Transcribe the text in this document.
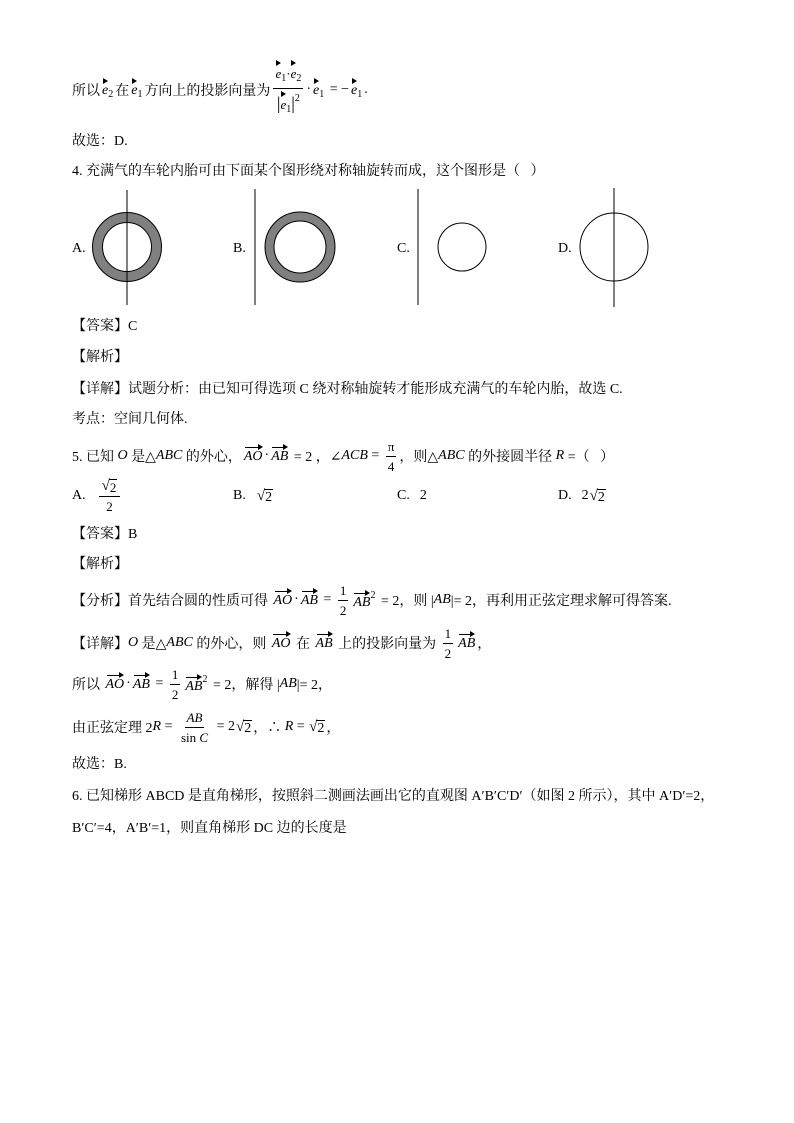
所以 $e_2$ 在 $e_1$ 方向上的投影向量为 $\frac{e_1\cdot e_2}{|e_1|^2} \cdot e_1$ = − $e_1$ .
故选：D.
4. 充满气的车轮内胎可由下面某个图形绕对称轴旋转而成，这个图形是（   ）
A.	B.	C.	D.
【答案】C
【解析】
【详解】试题分析：由已知可得选项 C 绕对称轴旋转才能形成充满气的车轮内胎，故选 C.
考点：空间几何体.
5. 已知 O 是△ ABC 的外心， AO · AB = 2 ，∠ ACB = $\frac{\pi}{4}$ ，则△ ABC 的外接圆半径 R =（   ）
A. $\frac{√ 2}{2}$	B. √ 2	C. 2	D. 2 √ 2
【答案】B
【解析】
【分析】首先结合圆的性质可得 AO · AB = $\frac{1}{2} AB^2 = 2$，则 | AB |= 2，再利用正弦定理求解可得答案.
【详解】 O 是△ ABC 的外心，则 AO 在 AB 上的投影向量为 $\frac{1}{2}$ AB ，
所以 AO · AB = $\frac{1}{2} AB^2 = 2$，解得 | AB |= 2，
由正弦定理 2 $R = \frac{AB}{\text{sin C}} = 2$ √ 2 ，∴ R = √ 2 ，
故选：B.
6. 已知梯形 ABCD 是直角梯形，按照斜二测画法画出它的直观图 A′B′C′D′（如图 2 所示），其中 A′D′=2，
B′C′=4，A′B′=1，则直角梯形 DC 边的长度是
